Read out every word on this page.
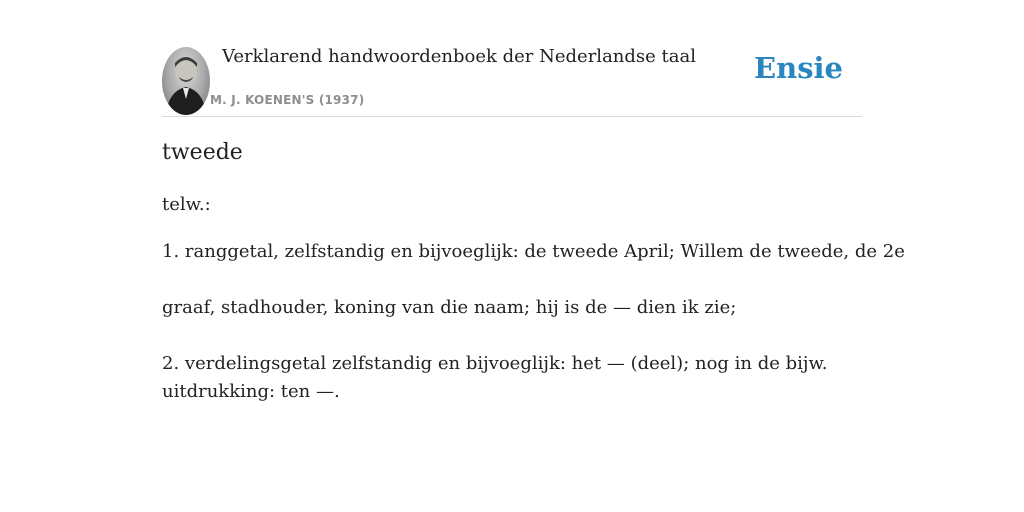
Verklarend handwoordenboek der Nederlandse taal
M. J. KOENEN'S (1937)
Ensie
tweede
telw.:
1. ranggetal, zelfstandig en bijvoeglijk: de tweede April; Willem de tweede, de 2e
graaf, stadhouder, koning van die naam; hij is de — dien ik zie;
2. verdelingsgetal zelfstandig en bijvoeglijk: het — (deel); nog in de bijw.
uitdrukking: ten —.
